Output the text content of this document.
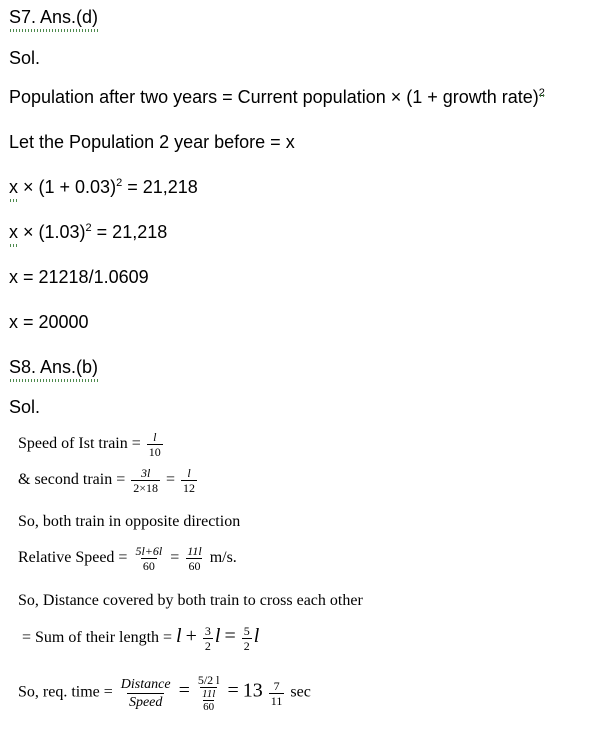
S7. Ans.(d)
Sol.
Population after two years = Current population × (1 + growth rate)$^2$
Let the Population 2 year before = x
$x \times (1 + 0.03)^2 = 21,218$
$x \times (1.03)^2 = 21,218$
x = 21218/1.0609
x = 20000
S8. Ans.(b)
Sol.
Speed of Ist train = $\frac{l}{10}$
& second train = $\frac{3l}{2\times 18} = \frac{l}{12}$
So, both train in opposite direction
Relative Speed = $\frac{5l+6l}{60} = \frac{11l}{60} m/s$.
So, Distance covered by both train to cross each other
= Sum of their length = $l + \frac{3}{2}$ $l = \frac{5}{2}$ l
So, req. time = $\frac{\text{Distance}}{\text{Speed}} = 5/2$ l
11l
$60 = 13 \frac{7}{11}$ sec
